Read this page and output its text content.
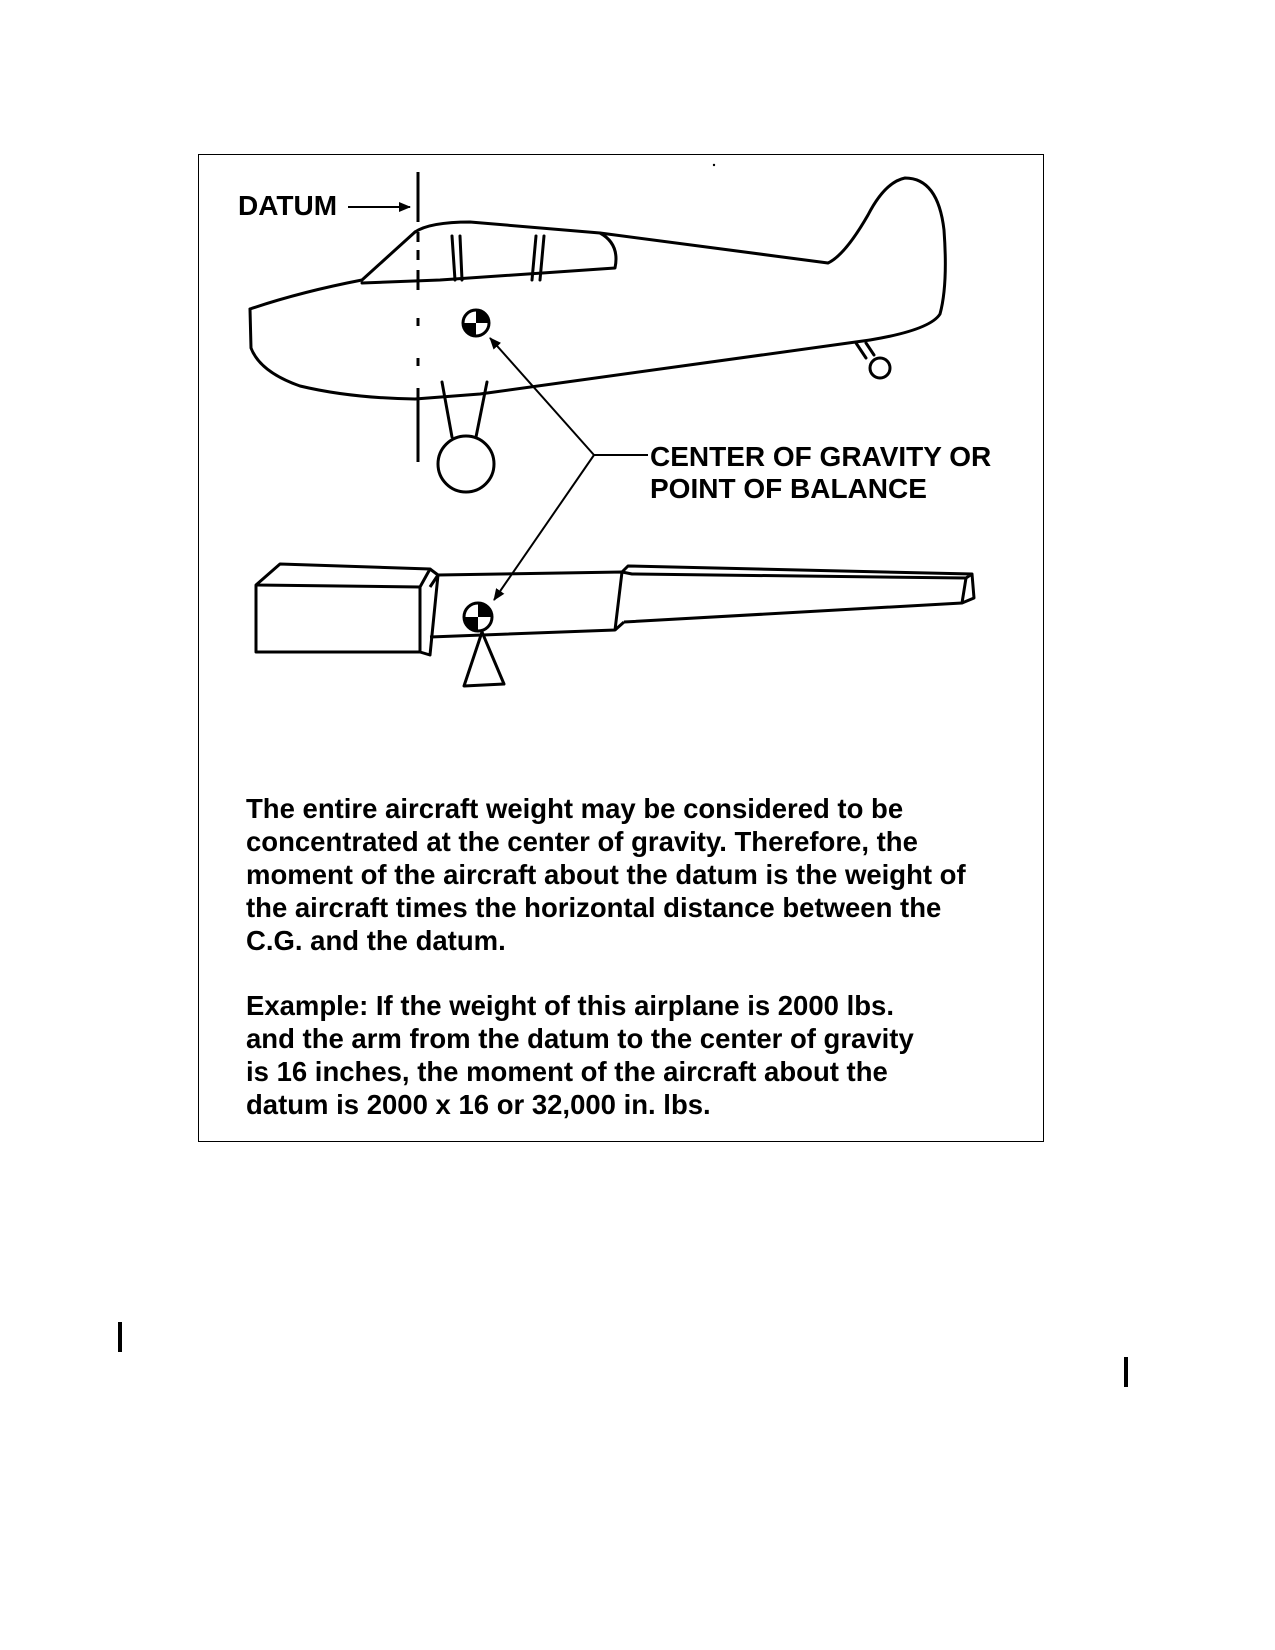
DATUM
CENTER OF GRAVITY OR
POINT OF BALANCE
The entire aircraft weight may be considered to be
concentrated at the center of gravity. Therefore, the
moment of the aircraft about the datum is the weight of
the aircraft times the horizontal distance between the
C.G. and the datum.
Example: If the weight of this airplane is 2000 lbs.
and the arm from the datum to the center of gravity
is 16 inches, the moment of the aircraft about the
datum is 2000 x 16 or 32,000 in. lbs.
